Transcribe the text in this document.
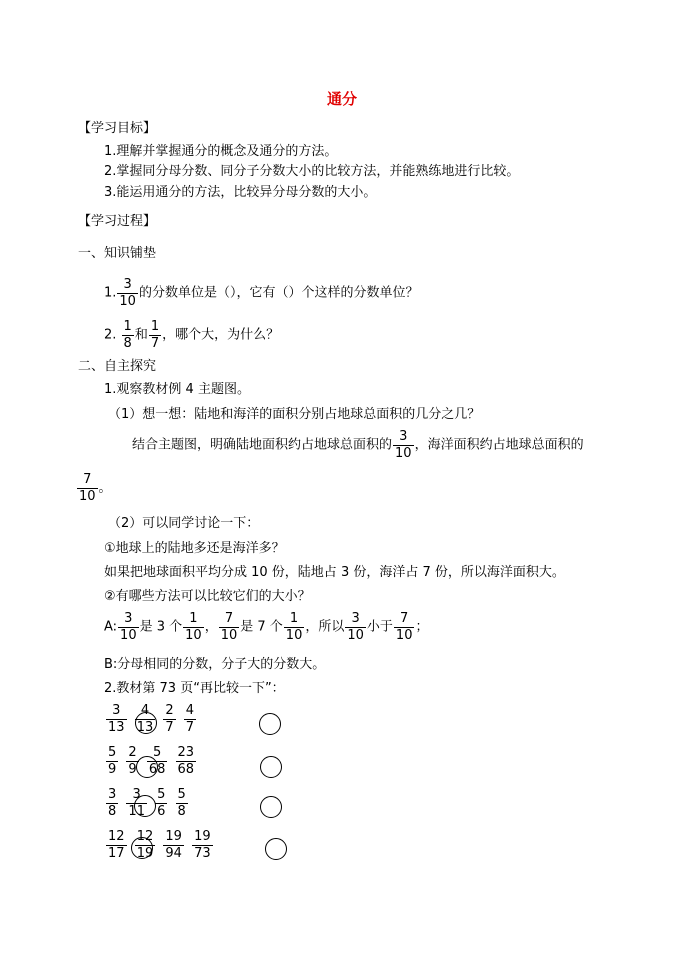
通分
【学习目标】
1.理解并掌握通分的概念及通分的方法。
2.掌握同分母分数、同分子分数大小的比较方法，并能熟练地进行比较。
3.能运用通分的方法，比较异分母分数的大小。
【学习过程】
一、知识铺垫
1. $\frac{3}{10}$ 的分数单位是（），它有（）个这样的分数单位？
2. $\frac{1}{8}$ 和 $\frac{1}{7}$ ，哪个大，为什么？
二、自主探究
1.观察教材例 4 主题图。
（1）想一想：陆地和海洋的面积分别占地球总面积的几分之几？
结合主题图，明确陆地面积约占地球总面积的 $\frac{3}{10}$ ，海洋面积约占地球总面积的
$\frac{7}{10}$ 。
（2）可以同学讨论一下：
①地球上的陆地多还是海洋多？
如果把地球面积平均分成 10 份，陆地占 3 份，海洋占 7 份，所以海洋面积大。
②有哪些方法可以比较它们的大小？
A: $\frac{3}{10}$ 是 3 个 $\frac{1}{10}$ ， $\frac{7}{10}$ 是 7 个 $\frac{1}{10}$ ，所以 $\frac{3}{10}$ 小于 $\frac{7}{10}$ ；
B:分母相同的分数，分子大的分数大。
2.教材第 73 页“再比较一下”：
$\frac{3}{13}$
$\frac{4}{13}$
$\frac{2}{7}$
$\frac{4}{7}$
$\frac{5}{9}$
$\frac{2}{9}$
$\frac{5}{68}$
$\frac{23}{68}$
$\frac{3}{8}$
$\frac{3}{11}$
$\frac{5}{6}$
$\frac{5}{8}$
$\frac{12}{17}$
$\frac{12}{19}$
$\frac{19}{94}$
$\frac{19}{73}$
